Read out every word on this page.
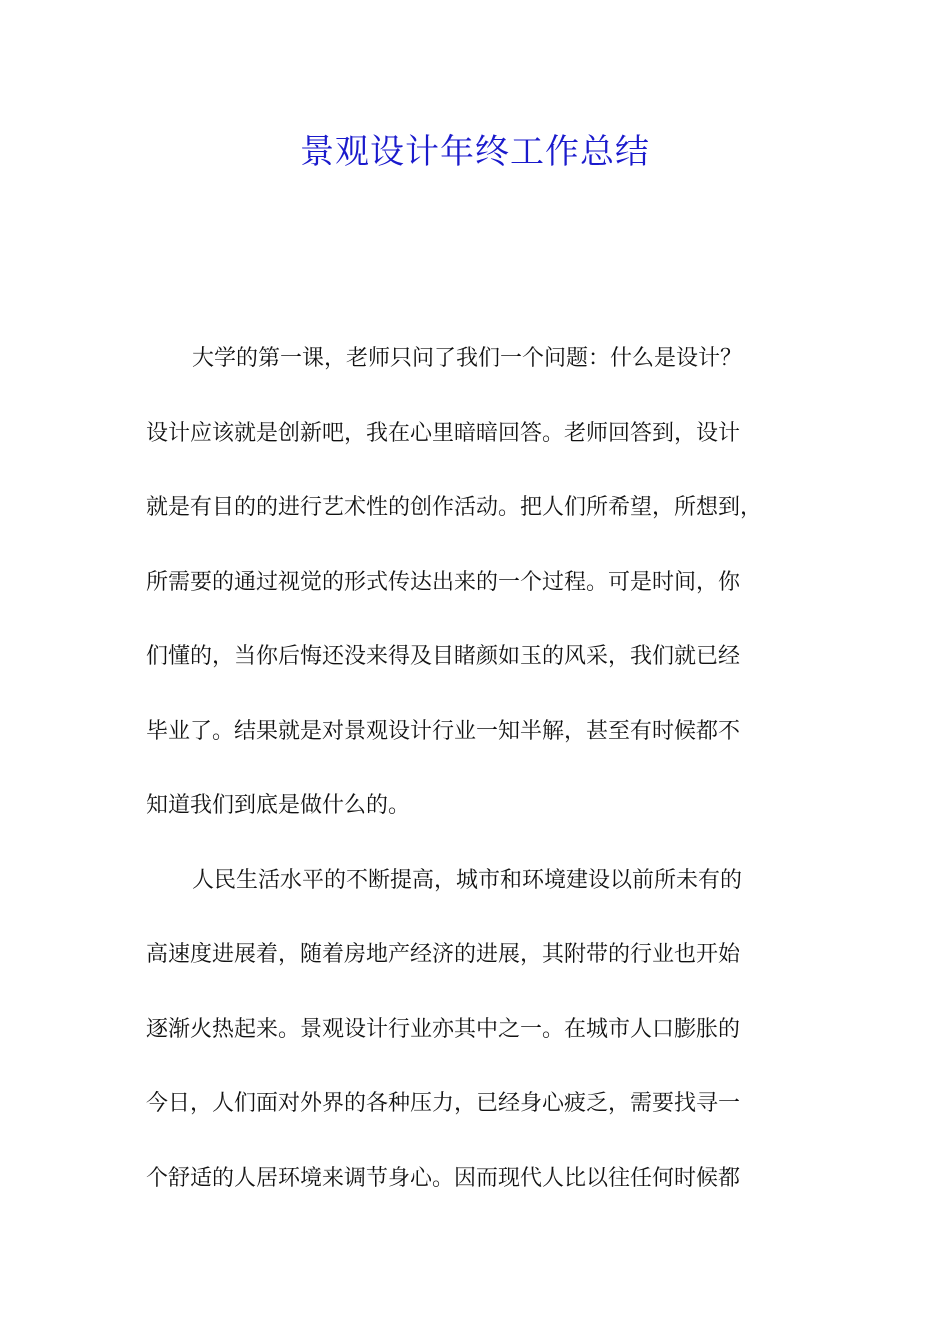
景观设计年终工作总结
大学的第一课，老师只问了我们一个问题：什么是设计？
设计应该就是创新吧，我在心里暗暗回答。老师回答到，设计
就是有目的的进行艺术性的创作活动。把人们所希望，所想到，
所需要的通过视觉的形式传达出来的一个过程。可是时间，你
们懂的，当你后悔还没来得及目睹颜如玉的风采，我们就已经
毕业了。结果就是对景观设计行业一知半解，甚至有时候都不
知道我们到底是做什么的。
人民生活水平的不断提高，城市和环境建设以前所未有的
高速度进展着，随着房地产经济的进展，其附带的行业也开始
逐渐火热起来。景观设计行业亦其中之一。在城市人口膨胀的
今日，人们面对外界的各种压力，已经身心疲乏，需要找寻一
个舒适的人居环境来调节身心。因而现代人比以往任何时候都
